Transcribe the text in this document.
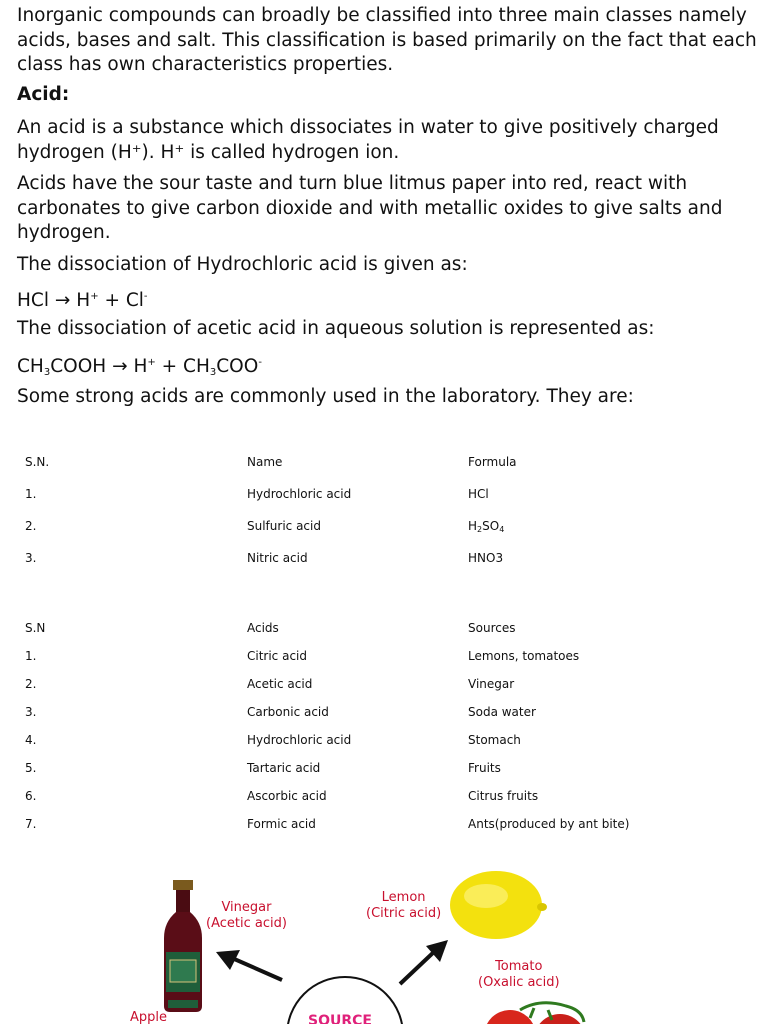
Inorganic compounds can broadly be classified into three main classes namely acids, bases and salt. This classification is based primarily on the fact that each class has own characteristics properties.

Acid:

An acid is a substance which dissociates in water to give positively charged hydrogen (H⁺). H⁺ is called hydrogen ion.

Acids have the sour taste and turn blue litmus paper into red, react with carbonates to give carbon dioxide and with metallic oxides to give salts and hydrogen.

The dissociation of Hydrochloric acid is given as:

HCl → H+ + Cl-

The dissociation of acetic acid in aqueous solution is represented as:

$CH_3COOH \to H^+ + CH_3COO^-$

Some strong acids are commonly used in the laboratory. They are:

S.N.	Name	Formula
1.	Hydrochloric acid	HCl
2.	Sulfuric acid	$H_2SO_4$
3.	Nitric acid	HNO3
S.N	Acids	Sources
1.	Citric acid	Lemons, tomatoes
2.	Acetic acid	Vinegar
3.	Carbonic acid	Soda water
4.	Hydrochloric acid	Stomach
5.	Tartaric acid	Fruits
6.	Ascorbic acid	Citrus fruits
7.	Formic acid	Ants(produced by ant bite)
Vinegar
(Acetic acid)
Lemon
(Citric acid)
Tomato
(Oxalic acid)
Apple	SOURCE
